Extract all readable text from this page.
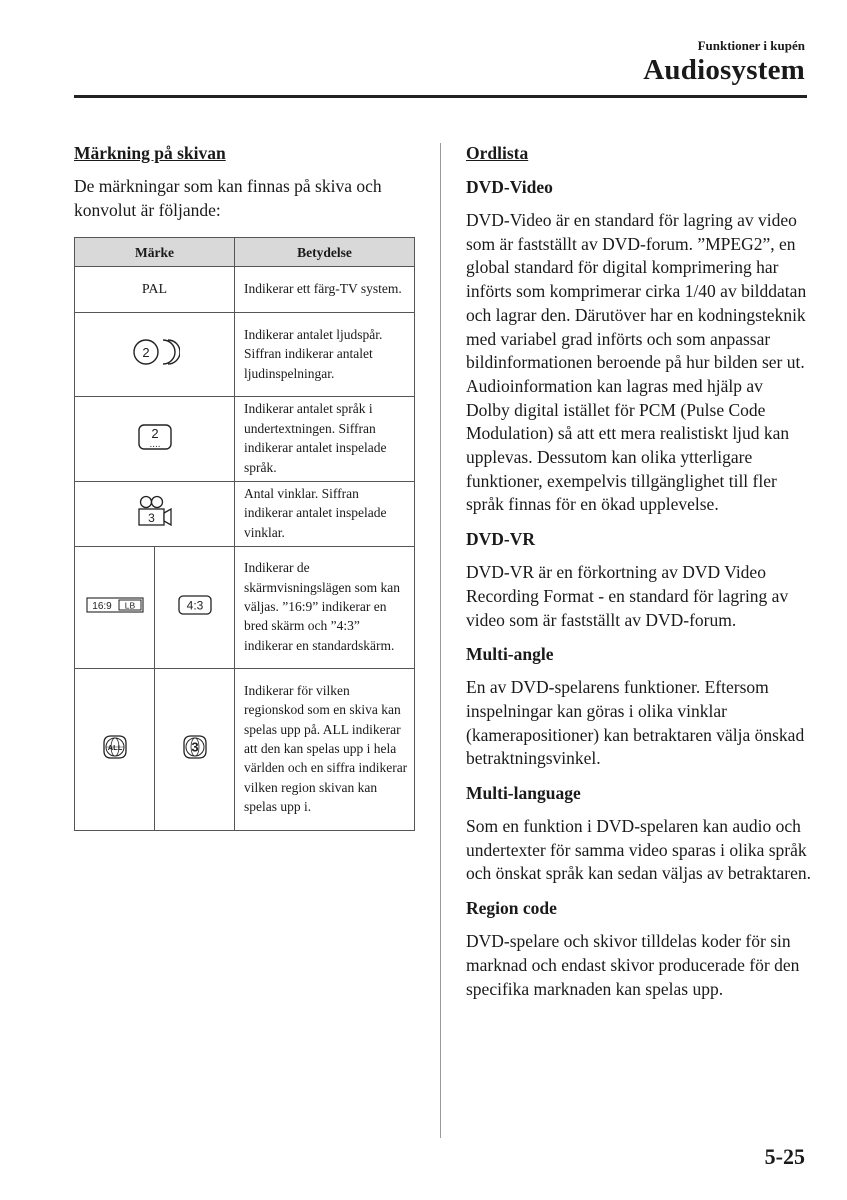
Funktioner i kupén
Audiosystem
Märkning på skivan

De märkningar som kan finnas på skiva och konvolut är följande:

Märke		Betydelse
PAL		Indikerar ett färg-TV system.

2		Indikerar antalet ljudspår. Siffran indikerar antalet ljudinspelningar.

2
....		Indikerar antalet språk i undertextningen. Siffran indikerar antalet inspelade språk.

3		Antal vinklar. Siffran indikerar antalet inspelade vinklar.

16:9 LB	4:3	Indikerar de skärmvisningslägen som kan väljas. ”16:9” indikerar en bred skärm och ”4:3” indikerar en standardskärm.

ALL	3	Indikerar för vilken regionskod som en skiva kan spelas upp på. ALL indikerar att den kan spelas upp i hela världen och en siffra indikerar vilken region skivan kan spelas upp i.
Ordlista
DVD-Video

DVD-Video är en standard för lagring av video som är fastställt av DVD-forum. ”MPEG2”, en global standard för digital komprimering har införts som komprimerar cirka 1/40 av bilddatan och lagrar den. Därutöver har en kodningsteknik med variabel grad införts och som anpassar bildinformationen beroende på hur bilden ser ut. Audioinformation kan lagras med hjälp av Dolby digital istället för PCM (Pulse Code Modulation) så att ett mera realistiskt ljud kan upplevas. Dessutom kan olika ytterligare funktioner, exempelvis tillgänglighet till fler språk finnas för en ökad upplevelse.

DVD-VR

DVD-VR är en förkortning av DVD Video Recording Format - en standard för lagring av video som är fastställt av DVD-forum.

Multi-angle

En av DVD-spelarens funktioner. Eftersom inspelningar kan göras i olika vinklar (kamerapositioner) kan betraktaren välja önskad betraktningsvinkel.

Multi-language

Som en funktion i DVD-spelaren kan audio och undertexter för samma video sparas i olika språk och önskat språk kan sedan väljas av betraktaren.

Region code

DVD-spelare och skivor tilldelas koder för sin marknad och endast skivor producerade för den specifika marknaden kan spelas upp.

5-25
